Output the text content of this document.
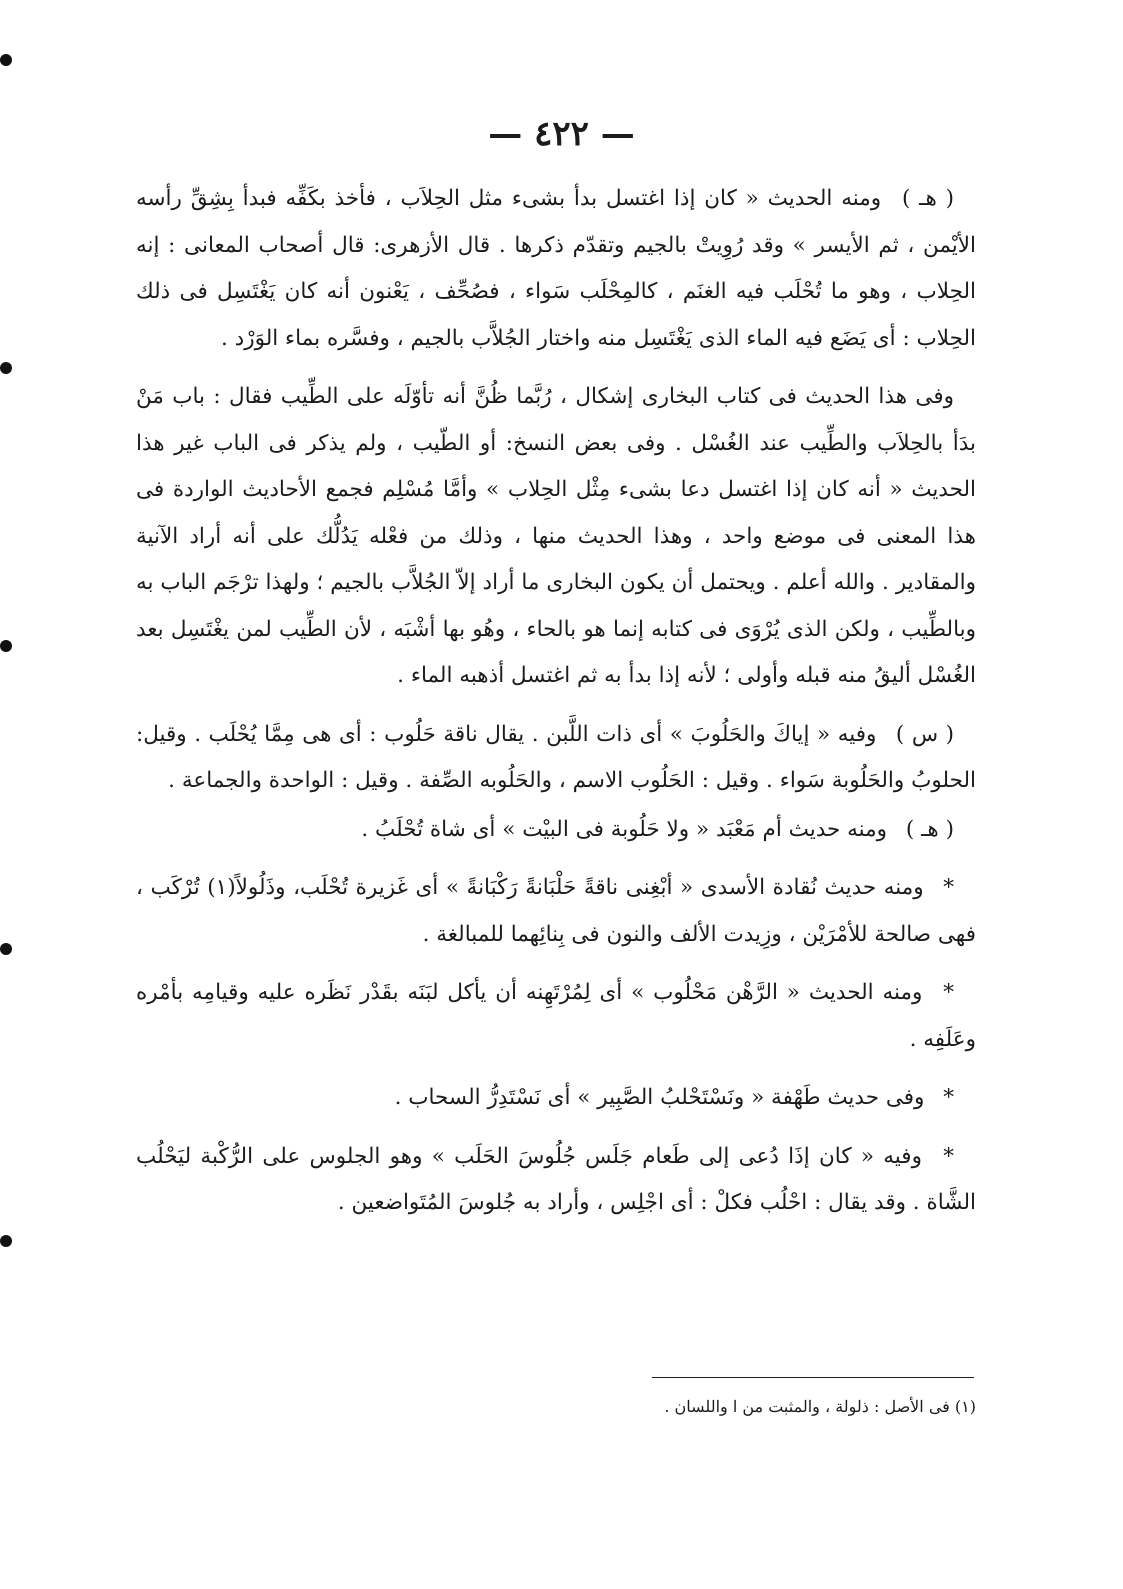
— ٤٢٢ —

( هـ ) ومنه الحديث « كان إذا اغتسل بدأ بشىء مثل الحِلاَب ، فأخذ بكَفِّه فبدأ بِشِقِّ رأسه الأيْمن ، ثم الأيسر » وقد رُوِيتْ بالجيم وتقدّم ذكرها . قال الأزهرى: قال أصحاب المعانى : إنه الحِلاب ، وهو ما تُحْلَب فيه الغنَم ، كالمِحْلَب سَواء ، فصُحِّف ، يَعْنون أنه كان يَغْتَسِل فى ذلك الحِلاب : أى يَضَع فيه الماء الذى يَغْتَسِل منه واختار الجُلاَّب بالجيم ، وفسَّره بماء الوَرْد .

وفى هذا الحديث فى كتاب البخارى إشكال ، رُبَّما ظُنَّ أنه تأوّلَه على الطِّيب فقال : باب مَنْ بدَأ بالحِلاَب والطِّيب عند الغُسْل . وفى بعض النسخ: أو الطّيب ، ولم يذكر فى الباب غير هذا الحديث « أنه كان إذا اغتسل دعا بشىء مِثْل الحِلاب » وأمَّا مُسْلِم فجمع الأحاديث الواردة فى هذا المعنى فى موضع واحد ، وهذا الحديث منها ، وذلك من فعْله يَدُلُّك على أنه أراد الآنية والمقادير . والله أعلم . ويحتمل أن يكون البخارى ما أراد إلاّ الجُلاَّب بالجيم ؛ ولهذا ترْجَم الباب به وبالطِّيب ، ولكن الذى يُرْوَى فى كتابه إنما هو بالحاء ، وهُو بها أشْبَه ، لأن الطِّيب لمن يغْتَسِل بعد الغُسْل أليقُ منه قبله وأولى ؛ لأنه إذا بدأ به ثم اغتسل أذهبه الماء .

( س ) وفيه « إياكَ والحَلُوبَ » أى ذات اللَّبن . يقال ناقة حَلُوب : أى هى مِمَّا يُحْلَب . وقيل: الحلوبُ والحَلُوبة سَواء . وقيل : الحَلُوب الاسم ، والحَلُوبه الصِّفة . وقيل : الواحدة والجماعة .

( هـ ) ومنه حديث أم مَعْبَد « ولا حَلُوبة فى البيْت » أى شاة تُحْلَبُ .

* ومنه حديث نُقادة الأسدى « أبْغِنى ناقةً حَلْبَانةً رَكْبَانةً » أى غَزيرة تُحْلَب، وذَلُولاً(١) تُرْكَب ، فهى صالحة للأمْرَيْن ، وزِيدت الألف والنون فى بِنائِهما للمبالغة .

* ومنه الحديث « الرَّهْن مَحْلُوب » أى لِمُرْتَهِنه أن يأكل لبَنَه بقَدْر نَظَره عليه وقيامِه بأمْره وعَلَفِه .

* وفى حديث طَهْفة « ونَسْتَحْلبُ الصَّبِير » أى نَسْتَدِرُّ السحاب .

* وفيه « كان إذَا دُعى إلى طَعام جَلَس جُلُوسَ الحَلَب » وهو الجلوس على الرُّكْبة ليَحْلُب الشَّاة . وقد يقال : احْلُب فكلْ : أى اجْلِس ، وأراد به جُلوسَ المُتَواضعين .

(١) فى الأصل : ذلولة ، والمثبت من ا واللسان .
